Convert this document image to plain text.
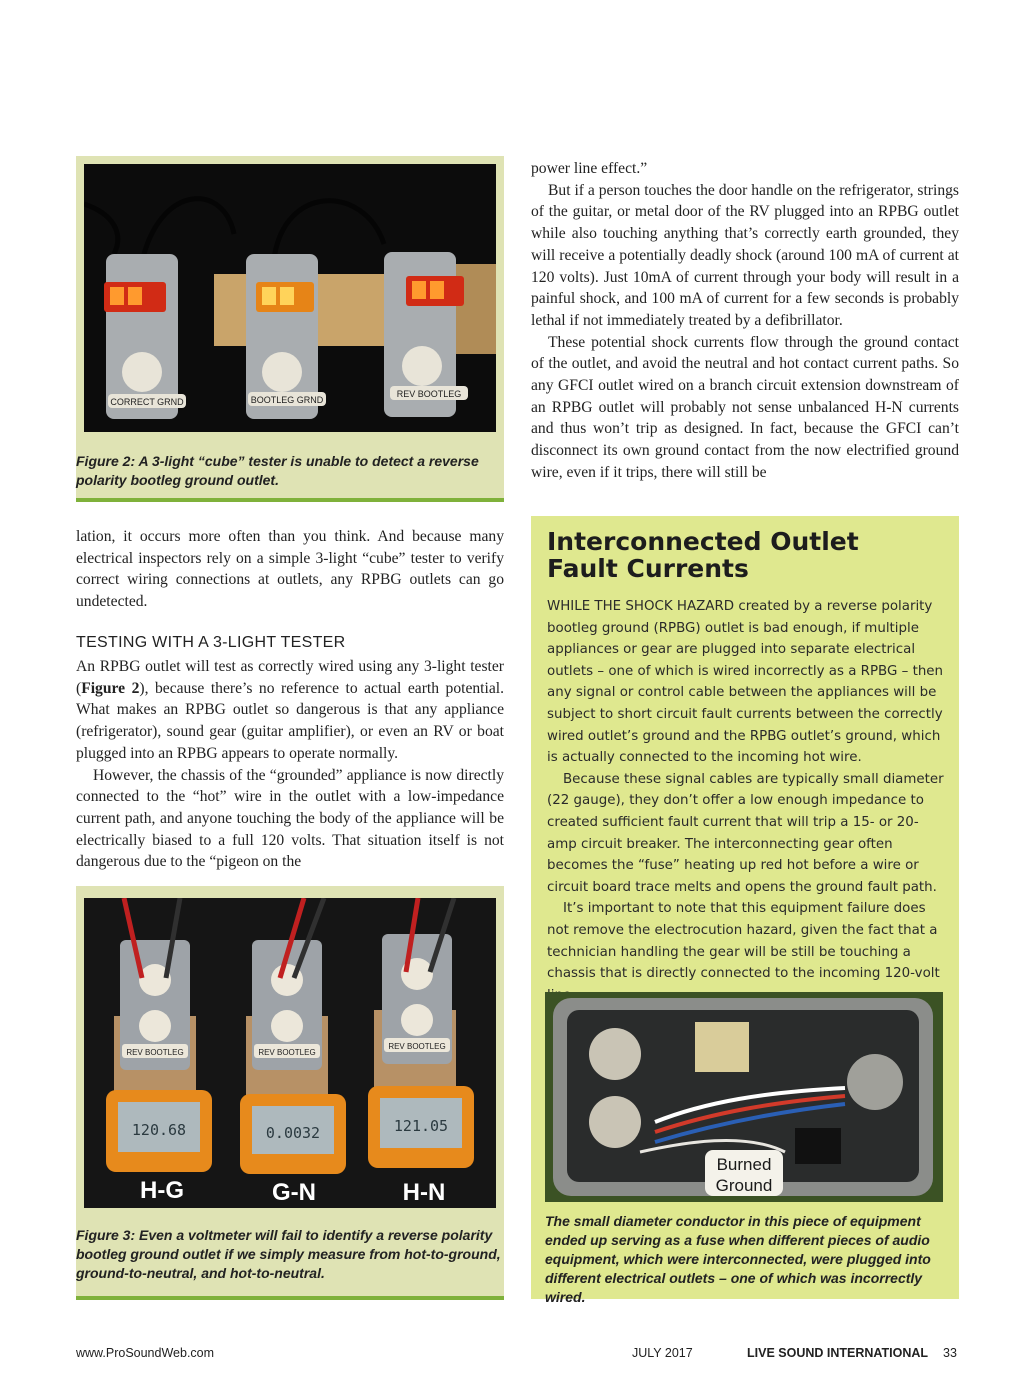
CORRECT GRND	BOOTLEG GRND
REV BOOTLEG
Figure 2: A 3-light “cube” tester is unable to detect a reverse polarity bootleg ground outlet.

power line effect.”

But if a person touches the door handle on the refrigerator, strings of the guitar, or metal door of the RV plugged into an RPBG outlet while also touching anything that’s correctly earth grounded, they will receive a potentially deadly shock (around 100 mA of current at 120 volts). Just 10mA of current through your body will result in a painful shock, and 100 mA of current for a few seconds is probably lethal if not immediately treated by a defibrillator.

These potential shock currents flow through the ground contact of the outlet, and avoid the neutral and hot contact current paths. So any GFCI outlet wired on a branch circuit extension downstream of an RPBG outlet will probably not sense unbalanced H-N currents and thus won’t trip as designed. In fact, because the GFCI can’t disconnect its own ground contact from the now electrified ground wire, even if it trips, there will still be

lation, it occurs more often than you think. And because many electrical inspectors rely on a simple 3-light “cube” tester to verify correct wiring connections at outlets, any RPBG outlets can go undetected.

TESTING WITH A 3-LIGHT TESTER

An RPBG outlet will test as correctly wired using any 3-light tester (Figure 2), because there’s no reference to actual earth potential. What makes an RPBG outlet so dangerous is that any appliance (refrigerator), sound gear (guitar amplifier), or even an RV or boat plugged into an RPBG appears to operate normally.

However, the chassis of the “grounded” appliance is now directly connected to the “hot” wire in the outlet with a low-impedance current path, and anyone touching the body of the appliance will be electrically biased to a full 120 volts. That situation itself is not dangerous due to the “pigeon on the

REV BOOTLEG	REV BOOTLEG
REV BOOTLEG
120.68	0.0032	121.05
H-G	G-N	H-N
Figure 3: Even a voltmeter will fail to identify a reverse polarity bootleg ground outlet if we simply measure from hot-to-ground, ground-to-neutral, and hot-to-neutral.
Interconnected Outlet
Fault Currents

WHILE THE SHOCK HAZARD created by a reverse polarity bootleg ground (RPBG) outlet is bad enough, if multiple appliances or gear are plugged into separate electrical outlets – one of which is wired incorrectly as a RPBG – then any signal or control cable between the appliances will be subject to short circuit fault currents between the correctly wired outlet’s ground and the RPBG outlet’s ground, which is actually connected to the incoming hot wire.

Because these signal cables are typically small diameter (22 gauge), they don’t offer a low enough impedance to created sufficient fault current that will trip a 15- or 20-amp circuit breaker. The interconnecting gear often becomes the “fuse” heating up red hot before a wire or circuit board trace melts and opens the ground fault path.

It’s important to note that this equipment failure does not remove the electrocution hazard, given the fact that a technician handling the gear will be still be touching a chassis that is directly connected to the incoming 120-volt

Burned
Ground
The small diameter conductor in this piece of equipment ended up serving as a fuse when different pieces of audio equipment, which were interconnected, were plugged into different electrical outlets – one of which was incorrectly wired.
www.ProSoundWeb.com	JULY 2017	LIVE SOUND INTERNATIONAL 33
